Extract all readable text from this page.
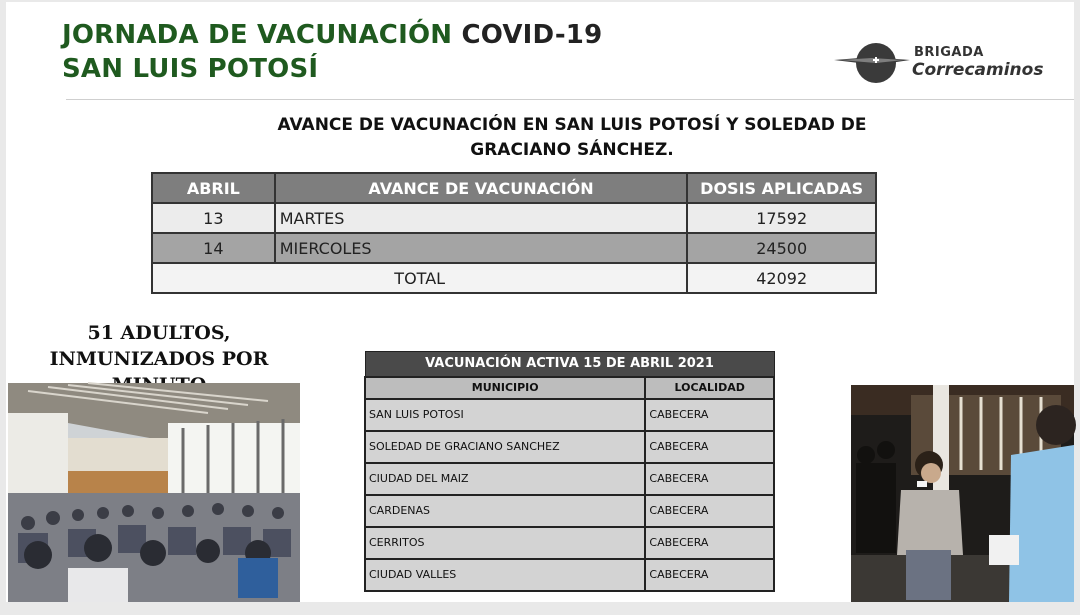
JORNADA DE VACUNACIÓN COVID-19
SAN LUIS POTOSÍ
BRIGADA
Correcaminos
AVANCE DE VACUNACIÓN EN SAN LUIS POTOSÍ Y SOLEDAD DE
GRACIANO SÁNCHEZ.
ABRIL	AVANCE DE VACUNACIÓN	DOSIS APLICADAS
13	MARTES	17592
14	MIERCOLES	24500
TOTAL		42092
51 ADULTOS,
INMUNIZADOS POR	VACUNACIÓN ACTIVA 15 DE ABRIL 2021	
MUNICIPIO	LOCALIDAD
SAN LUIS POTOSI	CABECERA
SOLEDAD DE GRACIANO SANCHEZ	CABECERA
CIUDAD DEL MAIZ	CABECERA
CARDENAS	CABECERA
CERRITOS	CABECERA
CIUDAD VALLES	CABECERA
